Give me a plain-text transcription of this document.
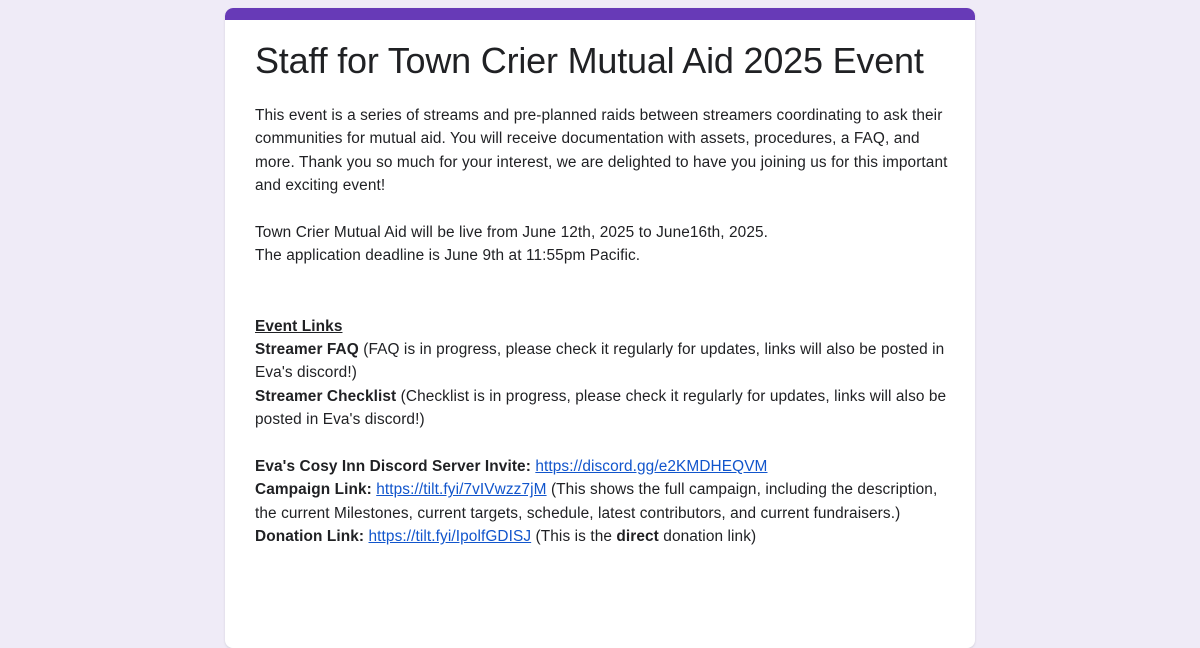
Staff for Town Crier Mutual Aid 2025 Event

This event is a series of streams and pre-planned raids between streamers coordinating to ask their communities for mutual aid. You will receive documentation with assets, procedures, a FAQ, and more. Thank you so much for your interest, we are delighted to have you joining us for this important and exciting event!

Town Crier Mutual Aid will be live from June 12th, 2025 to June16th, 2025.

The application deadline is June 9th at 11:55pm Pacific.

Event Links

Streamer FAQ (FAQ is in progress, please check it regularly for updates, links will also be posted in Eva's discord!)

Streamer Checklist (Checklist is in progress, please check it regularly for updates, links will also be posted in Eva's discord!)

Eva's Cosy Inn Discord Server Invite: https://discord.gg/e2KMDHEQVM

Campaign Link: https://tilt.fyi/7vIVwzz7jM (This shows the full campaign, including the description, the current Milestones, current targets, schedule, latest contributors, and current fundraisers.)

Donation Link: https://tilt.fyi/IpolfGDISJ (This is the direct donation link)
